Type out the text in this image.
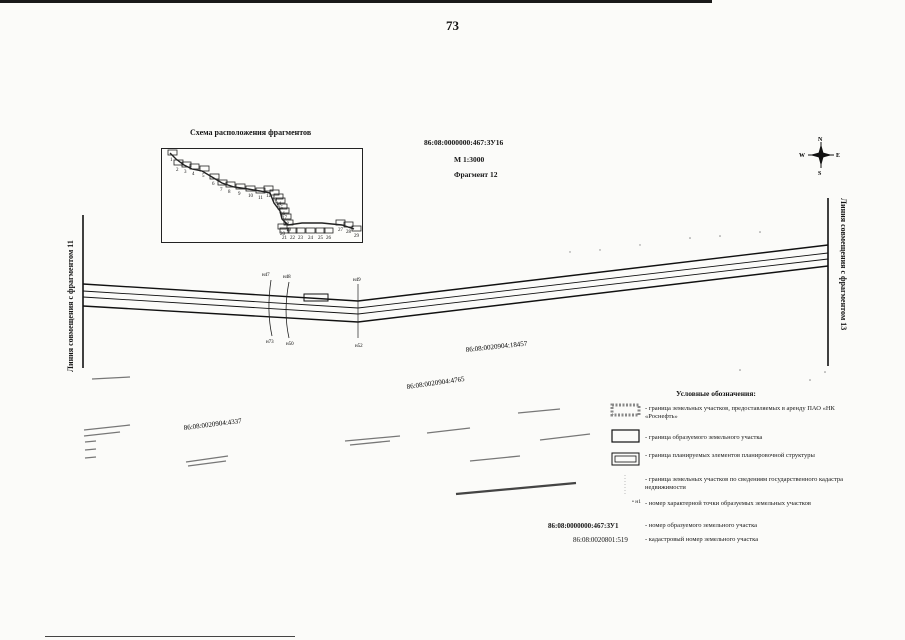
73
н47	н48
н49
н73 н50	н52	86:08:0020904:18457
86:08:0020904:4765
86:08:0020904:4337
Схема расположения фрагментов
1
2 3 4 5
6
7 8 9 10 11 12
13
14
15
16
17
18
19
20
21 22 23 24 25 26
27 28
29
86:08:0000000:467:ЗУ16
М 1:3000
Фрагмент 12
N
S
W	E
Линия совмещения с фрагментом 11	Линия совмещения с фрагментом 13
Условные обозначения:
- граница земельных участков, предоставляемых в аренду ПАО «НК «Роснефть»
- граница образуемого земельного участка
- граница планируемых элементов планировочной структуры
- граница земельных участков по сведениям государственного кадастра недвижимости
- номер характерной точки образуемых земельных участков
- номер образуемого земельного участка
- кадастровый номер земельного участка
• н1
86:08:0000000:467:ЗУ1
86:08:0020801:519
